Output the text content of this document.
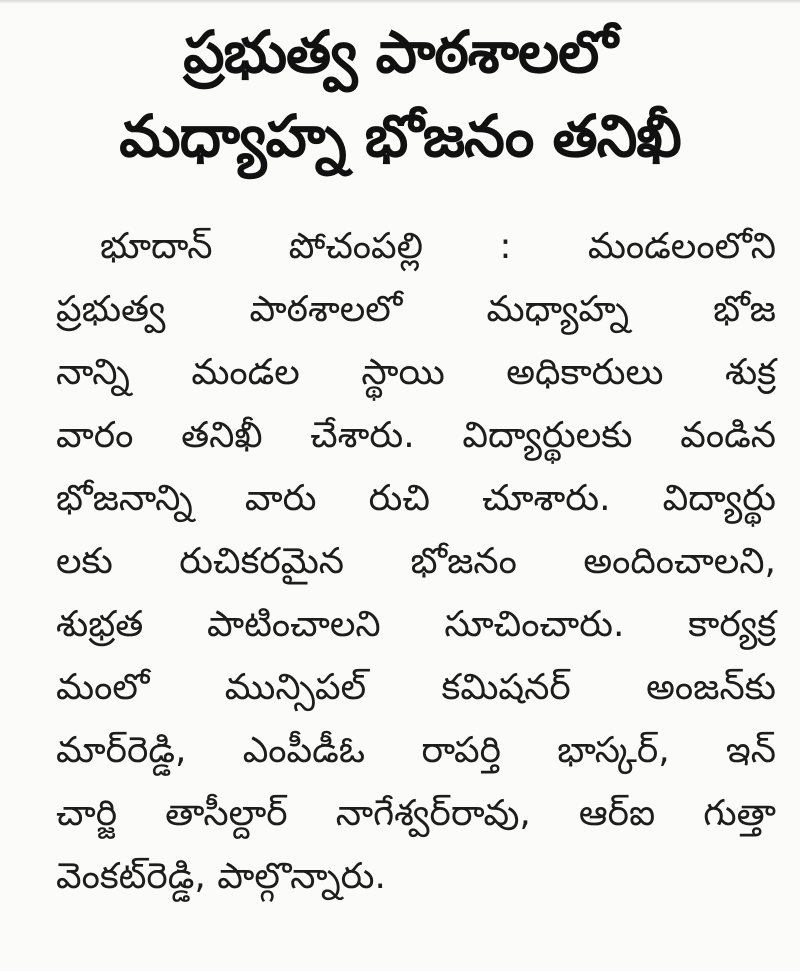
ప్రభుత్వ పాఠశాలలో
మధ్యాహ్న భోజనం తనిఖీ
భూదాన్ పోచంపల్లి : మండలంలోని
ప్రభుత్వ పాఠశాలలో మధ్యాహ్న భోజ
నాన్ని మండల స్థాయి అధికారులు శుక్ర
వారం తనిఖీ చేశారు. విద్యార్థులకు వండిన
భోజనాన్ని వారు రుచి చూశారు. విద్యార్థు
లకు రుచికరమైన భోజనం అందించాలని,
శుభ్రత పాటించాలని సూచించారు. కార్యక్ర
మంలో మున్సిపల్ కమిషనర్ అంజన్‌కు
మార్‌రెడ్డి, ఎంపీడీఓ రాపర్తి భాస్కర్, ఇన్
చార్జి తాసీల్దార్ నాగేశ్వర్‌రావు, ఆర్ఐ గుత్తా
వెంకట్‌రెడ్డి, పాల్గొన్నారు.
